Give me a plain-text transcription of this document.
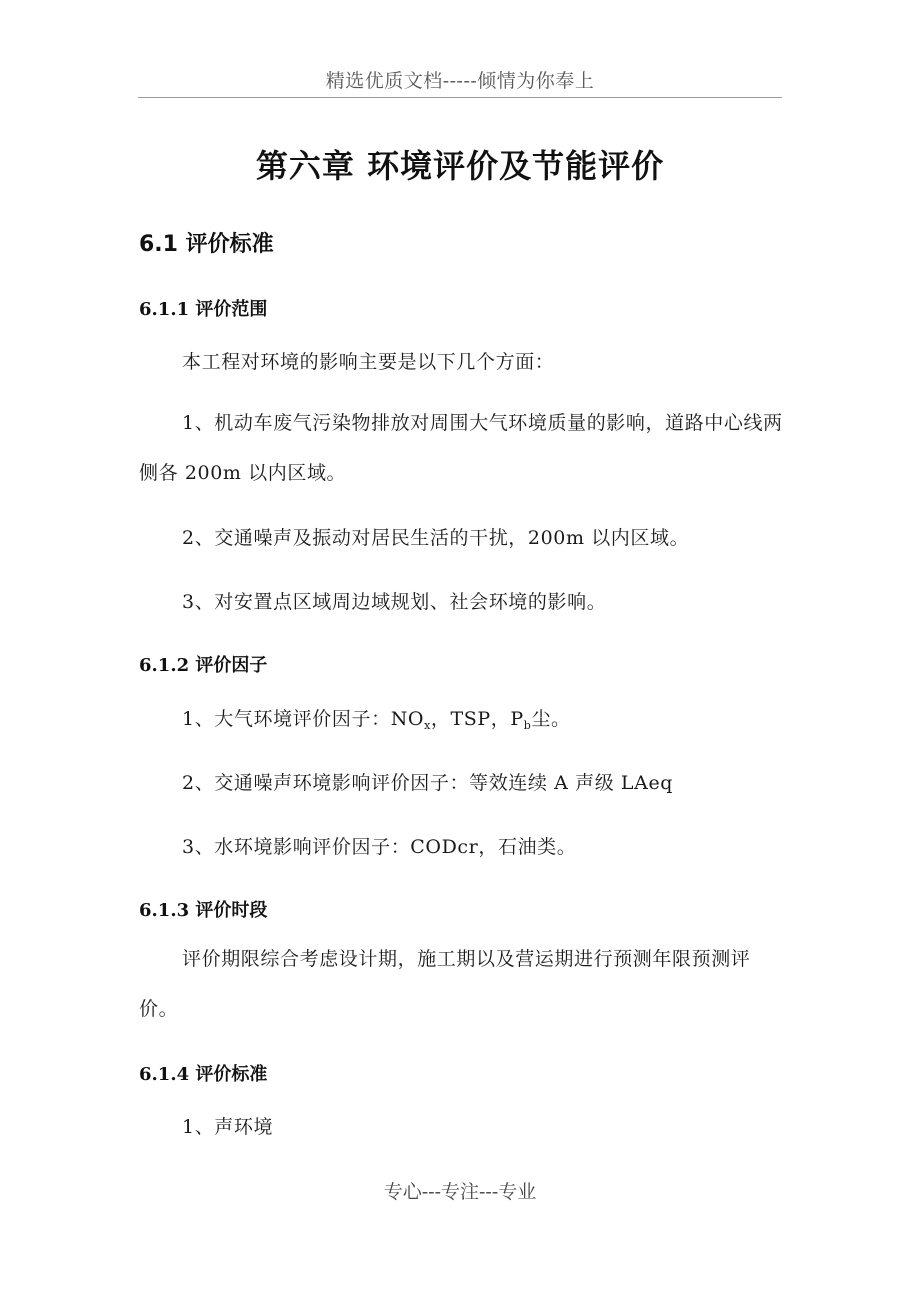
精选优质文档-----倾情为你奉上
第六章 环境评价及节能评价
6.1 评价标准
6.1.1 评价范围
本工程对环境的影响主要是以下几个方面：

1、机动车废气污染物排放对周围大气环境质量的影响，道路中心线两侧各 200m 以内区域。

2、交通噪声及振动对居民生活的干扰，200m 以内区域。
3、对安置点区域周边域规划、社会环境的影响。
6.1.2 评价因子
1、大气环境评价因子：$NO_x$，TSP，$P_b$尘。
2、交通噪声环境影响评价因子：等效连续 A 声级 LAeq
3、水环境影响评价因子：CODcr，石油类。
6.1.3 评价时段

评价期限综合考虑设计期，施工期以及营运期进行预测年限预测评价。

6.1.4 评价标准
1、声环境
专心---专注---专业
